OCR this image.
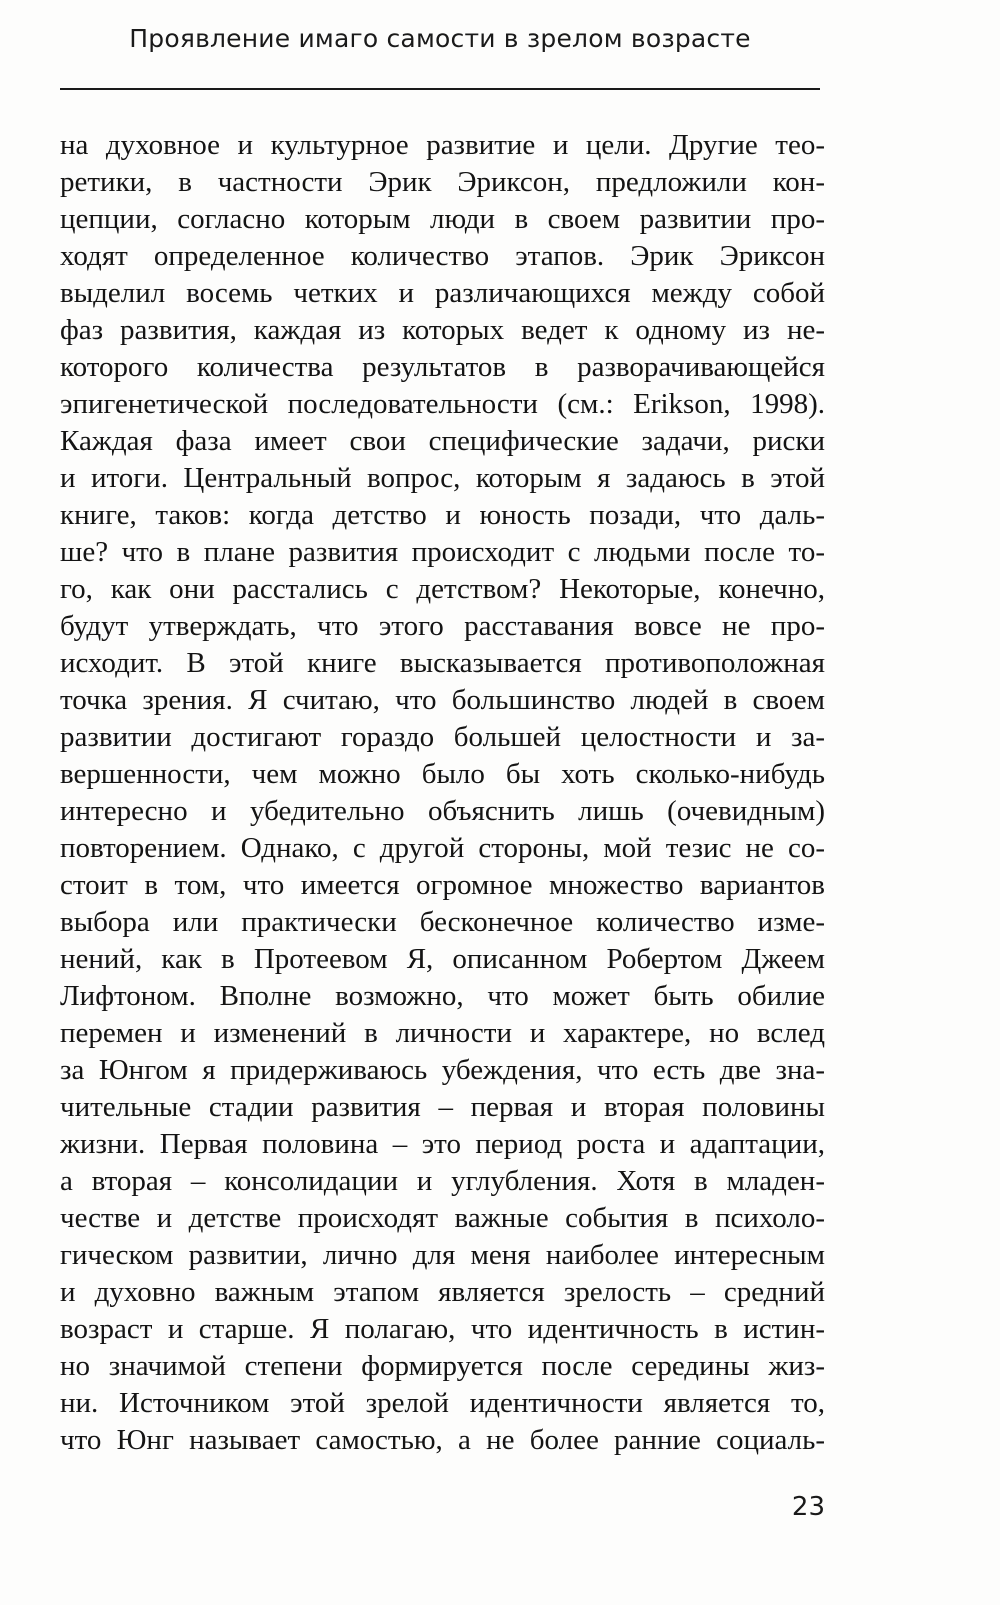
Проявление имаго самости в зрелом возрасте
на духовное и культурное развитие и цели. Другие тео-
ретики, в частности Эрик Эриксон, предложили кон-
цепции, согласно которым люди в своем развитии про-
ходят определенное количество этапов. Эрик Эриксон
выделил восемь четких и различающихся между собой
фаз развития, каждая из которых ведет к одному из не-
которого количества результатов в разворачивающейся
эпигенетической последовательности (см.: Erikson, 1998).
Каждая фаза имеет свои специфические задачи, риски
и итоги. Центральный вопрос, которым я задаюсь в этой
книге, таков: когда детство и юность позади, что даль-
ше? что в плане развития происходит с людьми после то-
го, как они расстались с детством? Некоторые, конечно,
будут утверждать, что этого расставания вовсе не про-
исходит. В этой книге высказывается противоположная
точка зрения. Я считаю, что большинство людей в своем
развитии достигают гораздо большей целостности и за-
вершенности, чем можно было бы хоть сколько-нибудь
интересно и убедительно объяснить лишь (очевидным)
повторением. Однако, с другой стороны, мой тезис не со-
стоит в том, что имеется огромное множество вариантов
выбора или практически бесконечное количество изме-
нений, как в Протеевом Я, описанном Робертом Джеем
Лифтоном. Вполне возможно, что может быть обилие
перемен и изменений в личности и характере, но вслед
за Юнгом я придерживаюсь убеждения, что есть две зна-
чительные стадии развития – первая и вторая половины
жизни. Первая половина – это период роста и адаптации,
а вторая – консолидации и углубления. Хотя в младен-
честве и детстве происходят важные события в психоло-
гическом развитии, лично для меня наиболее интересным
и духовно важным этапом является зрелость – средний
возраст и старше. Я полагаю, что идентичность в истин-
но значимой степени формируется после середины жиз-
ни. Источником этой зрелой идентичности является то,
что Юнг называет самостью, а не более ранние социаль-
23
